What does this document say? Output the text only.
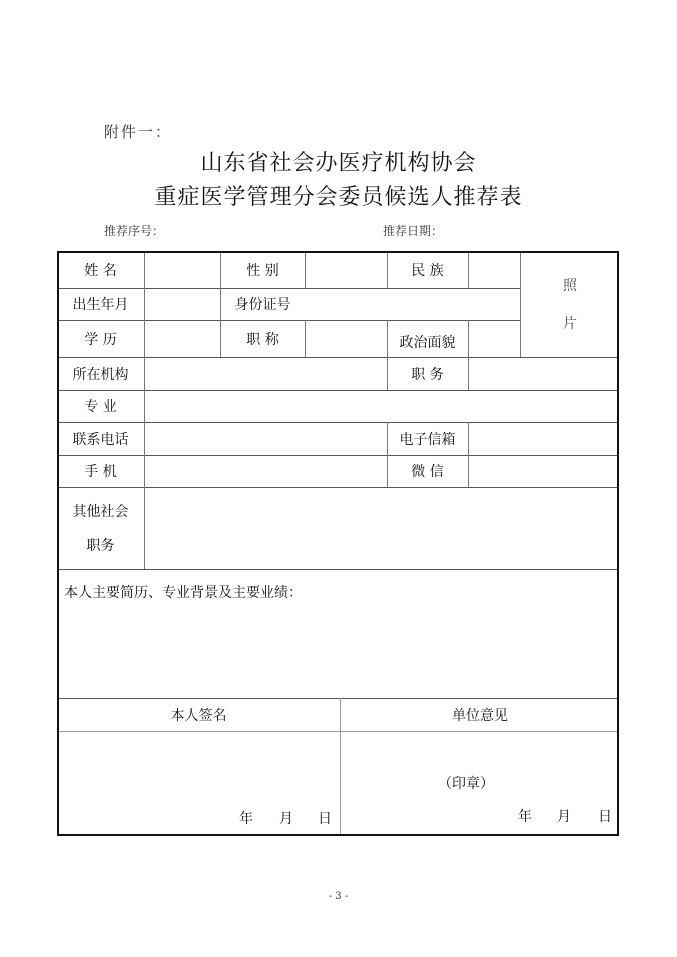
附件一：
山东省社会办医疗机构协会
重症医学管理分会委员候选人推荐表
推荐序号：	推荐日期：
姓 名	性 别	民 族
照
片
出生年月	身份证号
学 历	职 称	政治面貌
所在机构	职 务
专 业
联系电话	电子信箱
手 机	微 信
其他社会
职务
本人主要简历、专业背景及主要业绩：
本人签名	单位意见
（印章）
年 月 日	年 月 日
- 3 -
